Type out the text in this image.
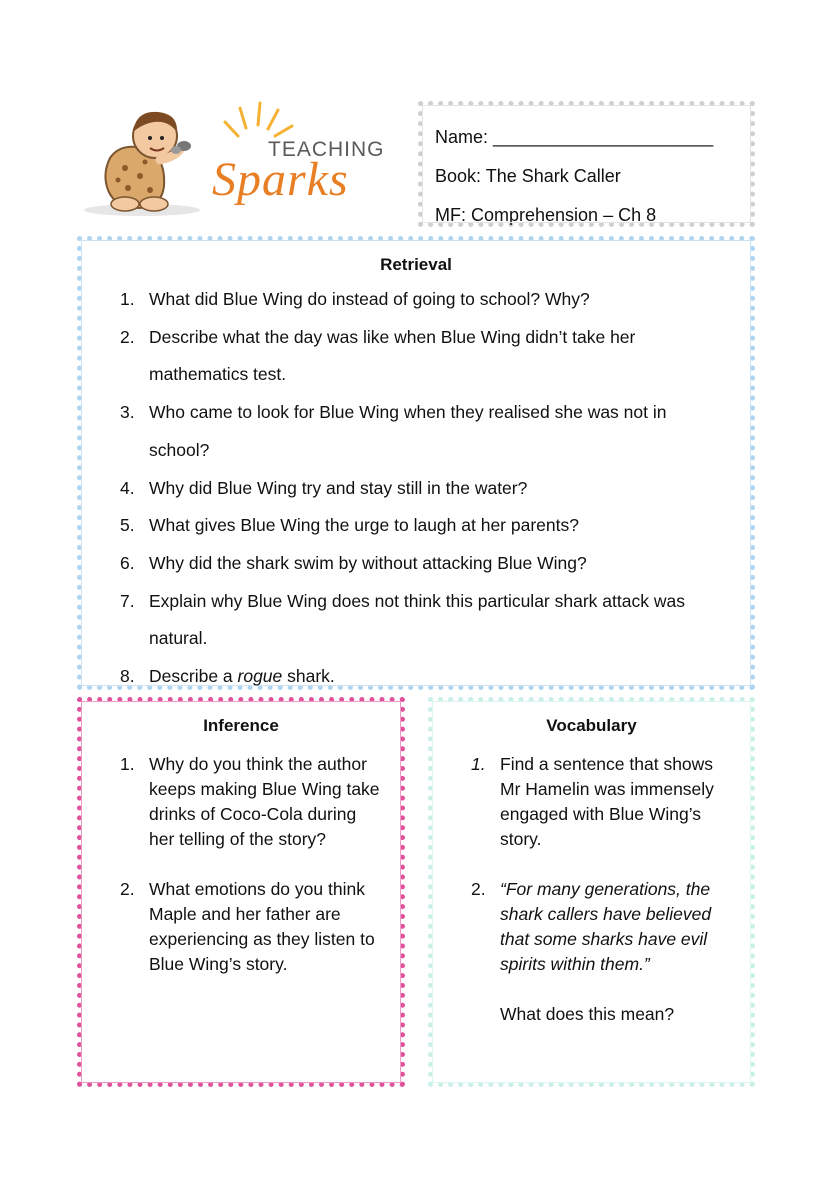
TEACHING
Sparks

Name: ______________________

Book: The Shark Caller

MF: Comprehension – Ch 8

Retrieval
1. What did Blue Wing do instead of going to school? Why?
2. Describe what the day was like when Blue Wing didn’t take her mathematics test.
3. Who came to look for Blue Wing when they realised she was not in school?
4. Why did Blue Wing try and stay still in the water?
5. What gives Blue Wing the urge to laugh at her parents?
6. Why did the shark swim by without attacking Blue Wing?
7. Explain why Blue Wing does not think this particular shark attack was natural.
8. Describe a rogue shark.
Inference
1. Why do you think the author keeps making Blue Wing take drinks of Coco-Cola during her telling of the story?
2. What emotions do you think Maple and her father are experiencing as they listen to Blue Wing’s story.
Vocabulary
1. Find a sentence that shows Mr Hamelin was immensely engaged with Blue Wing’s story.
2. “For many generations, the shark callers have believed that some sharks have evil spirits within them.”
What does this mean?
